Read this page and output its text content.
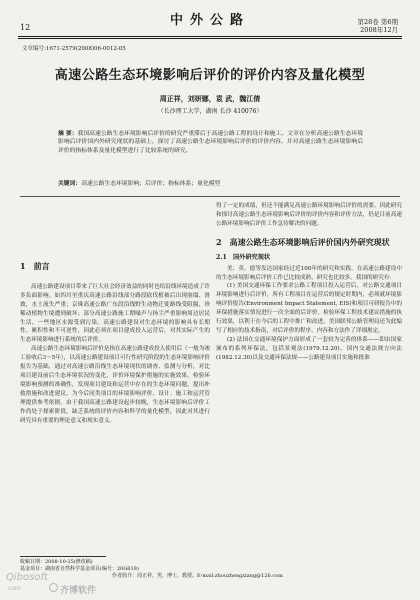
12	中外公路	第28卷 第6期
2008年12月
文章编号:1671-2579(2008)06-0012-05
高速公路生态环境影响后评价的评价内容及量化模型
周正祥，刘妍娜，袁 武，魏江倩
（长沙理工大学，湖南 长沙 410076）
摘 要：我国高速公路生态环境影响后评价的研究严重滞后于高速公路工程的设计和施工。文章在分析高速公路生态环境影响后评价国内外研究现状的基础上，探讨了高速公路生态环境影响后评价的评价内容，并对高速公路生态环境影响后评价的指标体系及量化模型进行了比较系统的研究。
关键词：高速公路生态环境影响；后评价；指标体系；量化模型
1　前言

高速公路建设项目带来了巨大社会经济效益的同时也给沿线环境造成了许多负面影响。如四川至重庆高速公路沿线部分路段砍伐植被后出现崩塌、滑坡，水土流失严重；京珠高速公路广东段沿线野生动物迁徙路线受阻隔，珍稀动植物生境遭到破坏；部分高速公路施工期噪声与扬尘严重影响周边居民生活，一些地区水源受到污染。高速公路建设对生态环境的影响具有长期性、累积性和不可逆性，因此必须在项目建成投入运营后，对其实际产生的生态环境影响进行系统的后评价。

高速公路生态环境影响后评价是指在高速公路建成投入使用后（一般为竣工验收后3～5年），以高速公路建设项目可行性研究阶段的生态环境影响评价报告为基础，通过对高速公路沿线生态环境现状的调查、监测与分析，对比项目建设前后生态环境状况的变化，评价环境保护措施的实施效果，检验环境影响预测的准确性，发现项目建设和运营中存在的生态环境问题，提出补救措施和改进建议，为今后同类项目的环境影响评价、设计、施工和运营管理提供参考依据。由于我国高速公路建设起步较晚，生态环境影响后评价工作尚处于探索阶段，缺乏系统的评价内容和科学的量化模型，因此对其进行研究具有重要的理论意义和现实意义。

得了一定的成绩，但还不能满足高速公路环境影响后评价的需要。因此研究和探讨高速公路生态环境影响后评价的评价内容和评价方法，仍是目前高速公路环境影响后评价工作急待解决的问题。

2　高速公路生态环境影响后评价国内外研究现状
2.1　国外研究现状

美、英、德等发达国家经过近100年的研究和实践，在高速公路建设中的生态环境影响后评价工作已比较成熟，研究也比较多。我国的研究有：

(1) 美国交通环保工作要求公路工程项目投入运营后，对公路交通项目环境影响进行后评价，所有工程项目在运营后的规定时期内，必须就环境影响评价报告(Environment Impact Statement, EIS)和项目可研报告中的环保措施落实情况进行一次全面的后评价，检验环保工程技术建议措施的执行效果，以利于在今后的工程中推广和改进。美国联邦公路管理局还为此编写了相应的技术指南，对后评价的程序、内容和方法作了详细规定。

(2) 法国在交通环境保护方面形成了一套较为完善的体系——即由国家颁布的系列环保法，包括景观法(1979.12.20)、国内交通法规方向法(1982.12.30)以及交通环保法规——公路建设项目实施和批准

收稿日期：2008-10-25(修改稿)
基金项目：湖南省自然科学基金项目(编号：20G619)
作者简介：周正祥，男，博士，教授。E-mail:zhouzhengxiang@126.com
Qibosoft
.com	齐博软件
